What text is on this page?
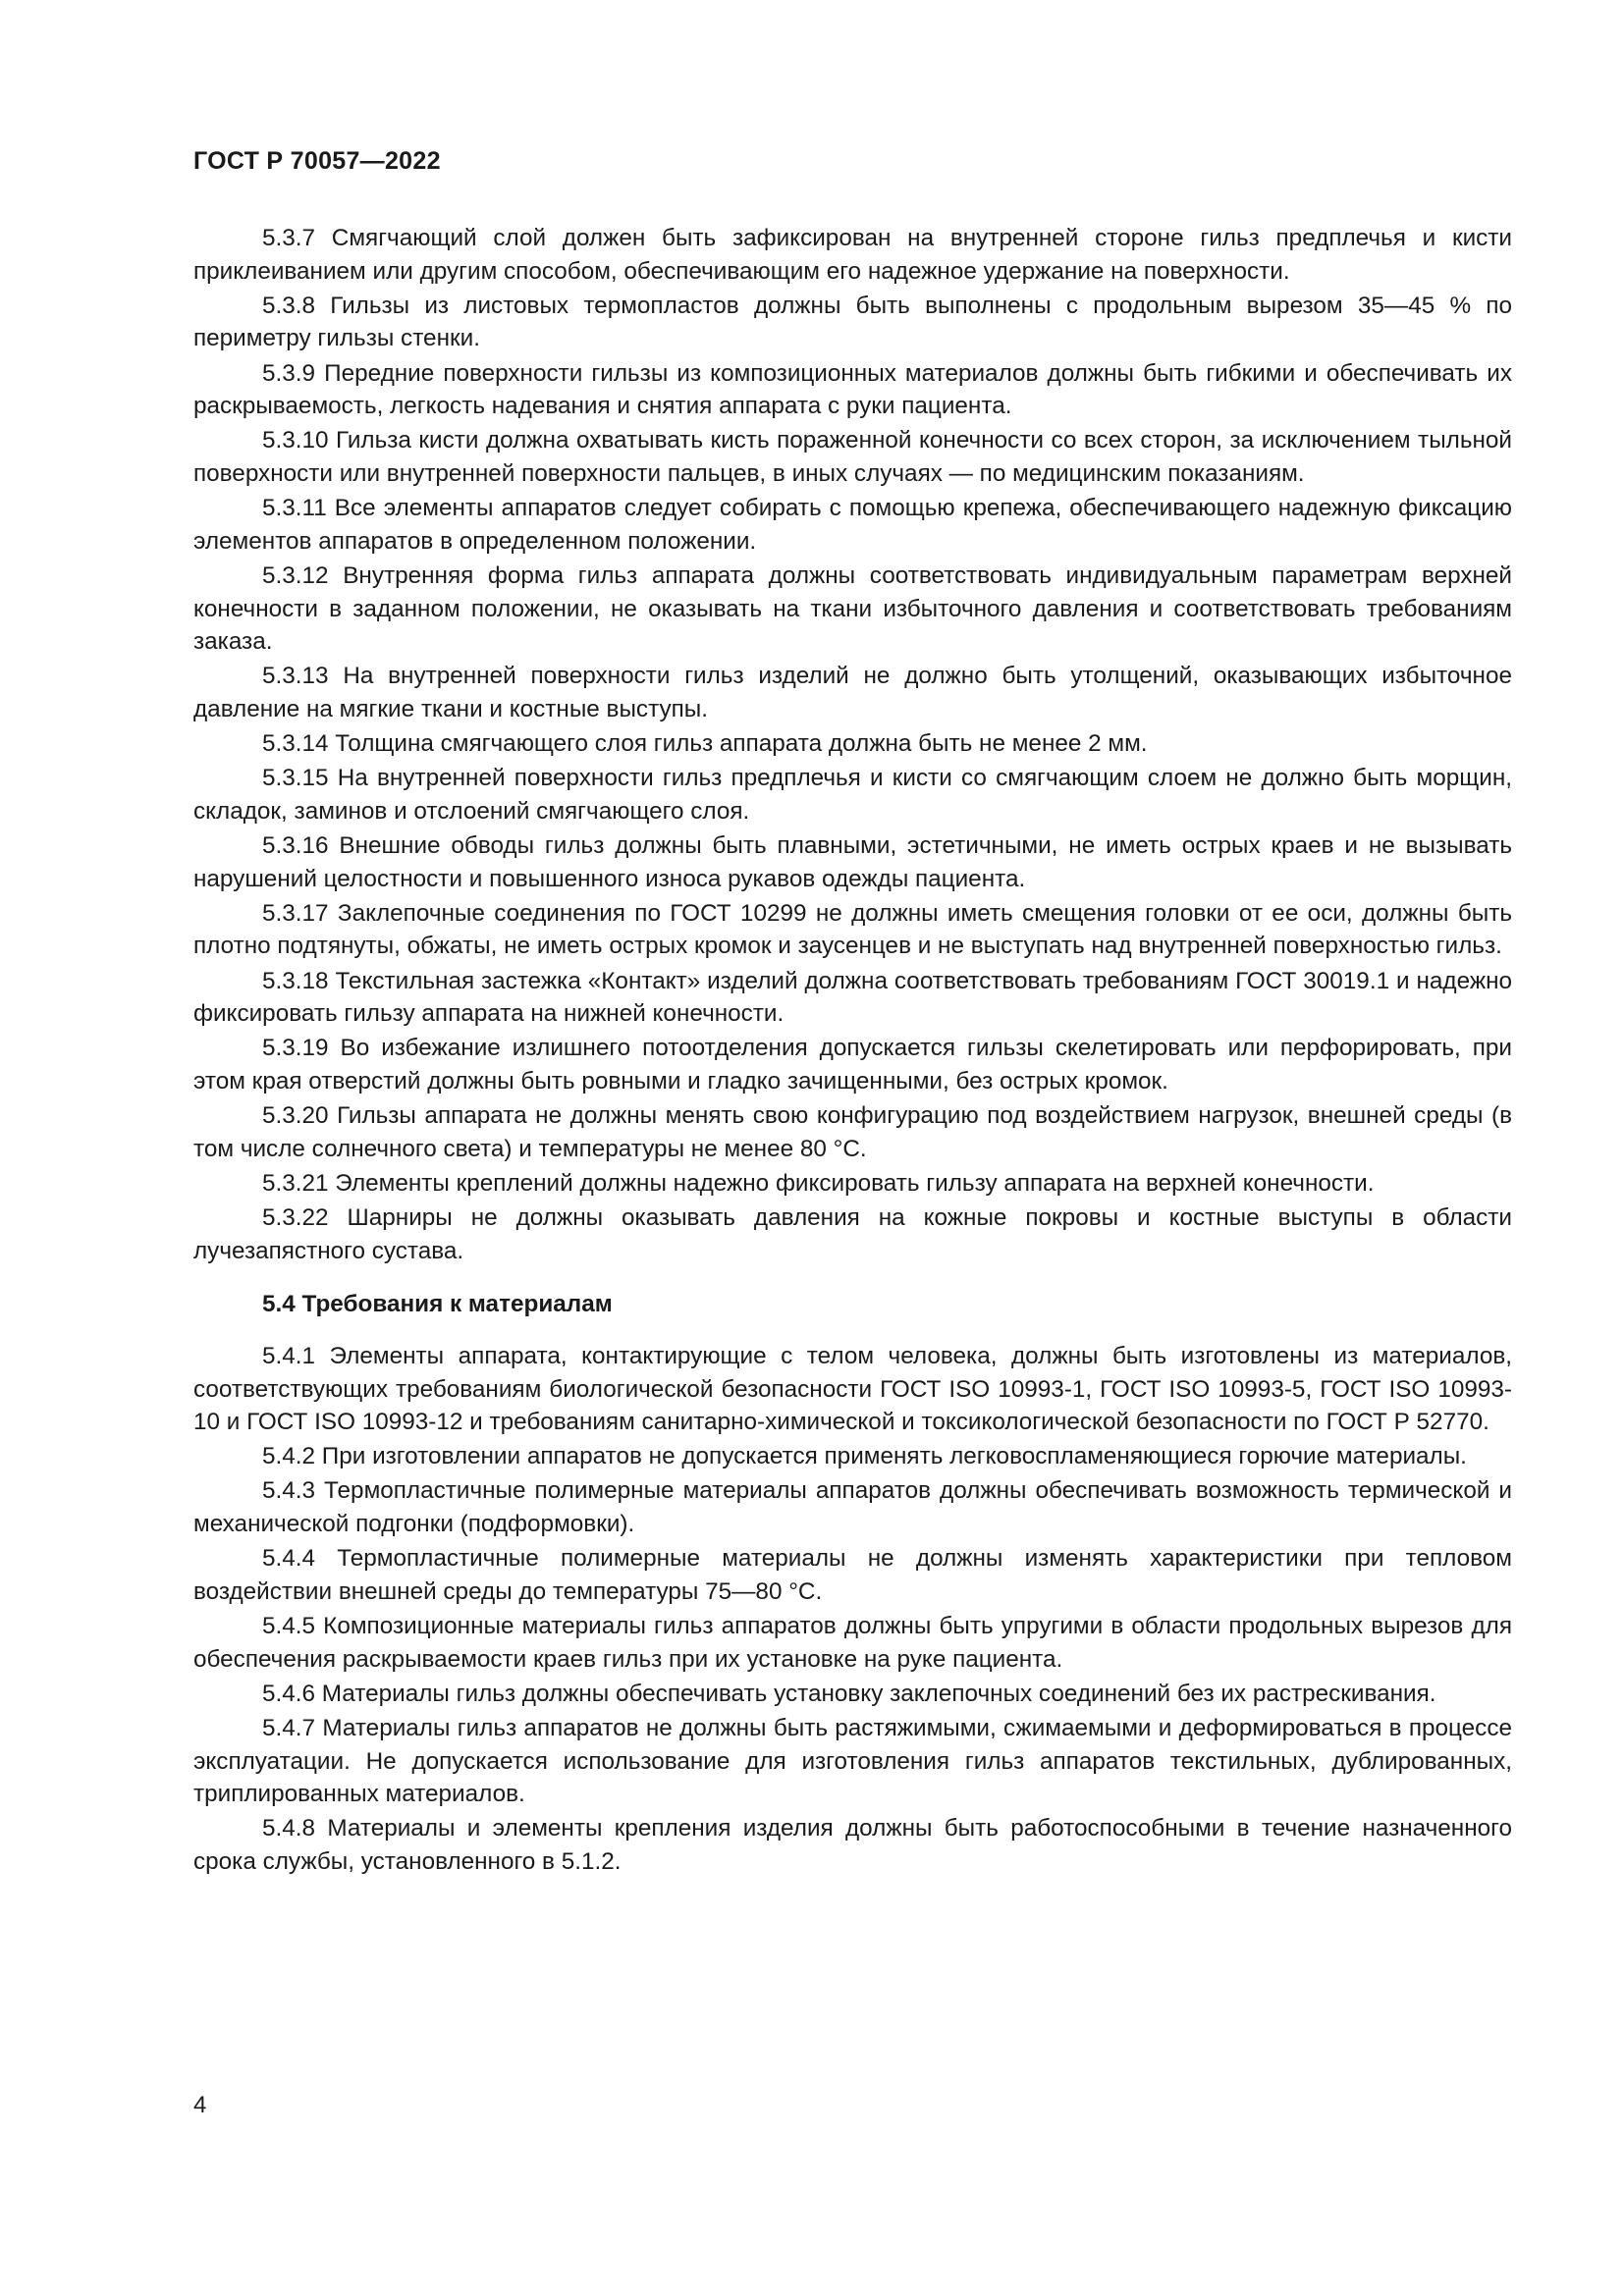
ГОСТ Р 70057—2022

5.3.7 Смягчающий слой должен быть зафиксирован на внутренней стороне гильз предплечья и кисти приклеиванием или другим способом, обеспечивающим его надежное удержание на поверхности.

5.3.8 Гильзы из листовых термопластов должны быть выполнены с продольным вырезом 35—45 % по периметру гильзы стенки.

5.3.9 Передние поверхности гильзы из композиционных материалов должны быть гибкими и обеспечивать их раскрываемость, легкость надевания и снятия аппарата с руки пациента.

5.3.10 Гильза кисти должна охватывать кисть пораженной конечности со всех сторон, за исключением тыльной поверхности или внутренней поверхности пальцев, в иных случаях — по медицинским показаниям.

5.3.11 Все элементы аппаратов следует собирать с помощью крепежа, обеспечивающего надежную фиксацию элементов аппаратов в определенном положении.

5.3.12 Внутренняя форма гильз аппарата должны соответствовать индивидуальным параметрам верхней конечности в заданном положении, не оказывать на ткани избыточного давления и соответствовать требованиям заказа.

5.3.13 На внутренней поверхности гильз изделий не должно быть утолщений, оказывающих избыточное давление на мягкие ткани и костные выступы.

5.3.14 Толщина смягчающего слоя гильз аппарата должна быть не менее 2 мм.

5.3.15 На внутренней поверхности гильз предплечья и кисти со смягчающим слоем не должно быть морщин, складок, заминов и отслоений смягчающего слоя.

5.3.16 Внешние обводы гильз должны быть плавными, эстетичными, не иметь острых краев и не вызывать нарушений целостности и повышенного износа рукавов одежды пациента.

5.3.17 Заклепочные соединения по ГОСТ 10299 не должны иметь смещения головки от ее оси, должны быть плотно подтянуты, обжаты, не иметь острых кромок и заусенцев и не выступать над внутренней поверхностью гильз.

5.3.18 Текстильная застежка «Контакт» изделий должна соответствовать требованиям ГОСТ 30019.1 и надежно фиксировать гильзу аппарата на нижней конечности.

5.3.19 Во избежание излишнего потоотделения допускается гильзы скелетировать или перфорировать, при этом края отверстий должны быть ровными и гладко зачищенными, без острых кромок.

5.3.20 Гильзы аппарата не должны менять свою конфигурацию под воздействием нагрузок, внешней среды (в том числе солнечного света) и температуры не менее 80 °С.

5.3.21 Элементы креплений должны надежно фиксировать гильзу аппарата на верхней конечности.

5.3.22 Шарниры не должны оказывать давления на кожные покровы и костные выступы в области лучезапястного сустава.

5.4 Требования к материалам

5.4.1 Элементы аппарата, контактирующие с телом человека, должны быть изготовлены из материалов, соответствующих требованиям биологической безопасности ГОСТ ISO 10993-1, ГОСТ ISO 10993-5, ГОСТ ISO 10993-10 и ГОСТ ISO 10993-12 и требованиям санитарно-химической и токсикологической безопасности по ГОСТ Р 52770.

5.4.2 При изготовлении аппаратов не допускается применять легковоспламеняющиеся горючие материалы.

5.4.3 Термопластичные полимерные материалы аппаратов должны обеспечивать возможность термической и механической подгонки (подформовки).

5.4.4 Термопластичные полимерные материалы не должны изменять характеристики при тепловом воздействии внешней среды до температуры 75—80 °С.

5.4.5 Композиционные материалы гильз аппаратов должны быть упругими в области продольных вырезов для обеспечения раскрываемости краев гильз при их установке на руке пациента.

5.4.6 Материалы гильз должны обеспечивать установку заклепочных соединений без их растрескивания.

5.4.7 Материалы гильз аппаратов не должны быть растяжимыми, сжимаемыми и деформироваться в процессе эксплуатации. Не допускается использование для изготовления гильз аппаратов текстильных, дублированных, триплированных материалов.

5.4.8 Материалы и элементы крепления изделия должны быть работоспособными в течение назначенного срока службы, установленного в 5.1.2.

4
